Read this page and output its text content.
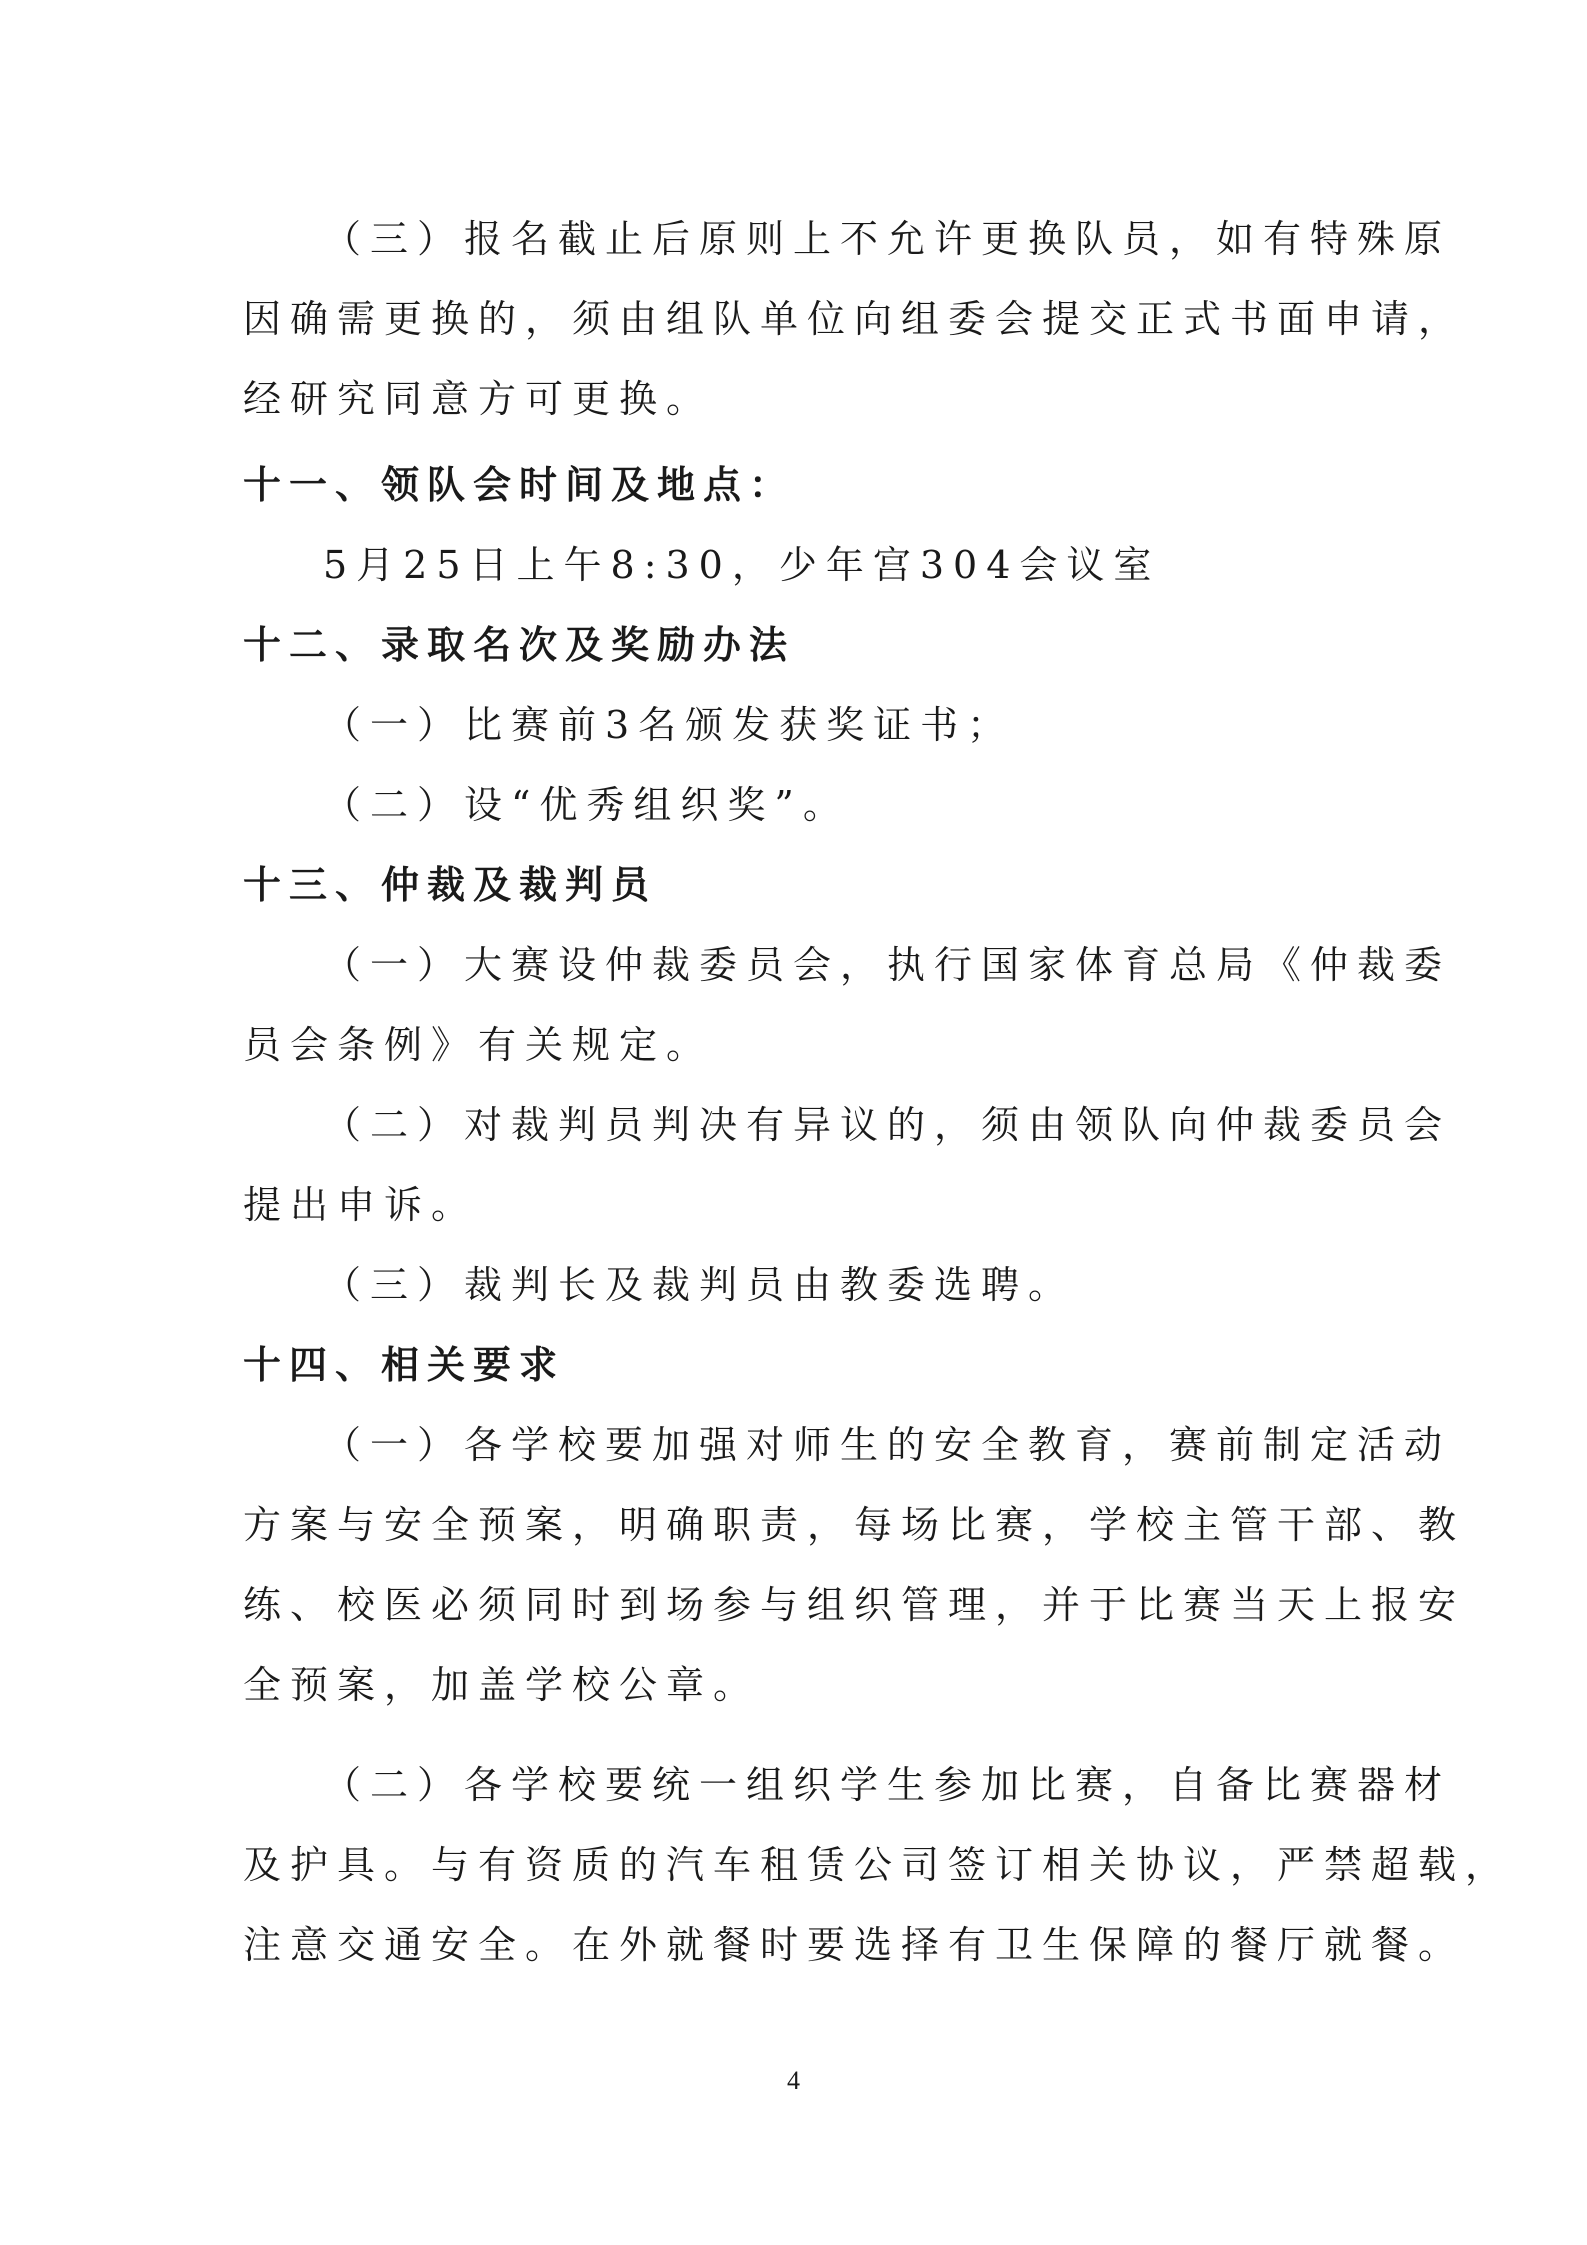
（三）报名截止后原则上不允许更换队员，如有特殊原
因确需更换的，须由组队单位向组委会提交正式书面申请，
经研究同意方可更换。
十一、领队会时间及地点：
5月25日上午8:30，少年宫304会议室
十二、录取名次及奖励办法
（一）比赛前3名颁发获奖证书；
（二）设“优秀组织奖”。
十三、仲裁及裁判员
（一）大赛设仲裁委员会，执行国家体育总局《仲裁委
员会条例》有关规定。
（二）对裁判员判决有异议的，须由领队向仲裁委员会
提出申诉。
（三）裁判长及裁判员由教委选聘。
十四、相关要求
（一）各学校要加强对师生的安全教育，赛前制定活动
方案与安全预案，明确职责，每场比赛，学校主管干部、教
练、校医必须同时到场参与组织管理，并于比赛当天上报安
全预案，加盖学校公章。
（二）各学校要统一组织学生参加比赛，自备比赛器材
及护具。与有资质的汽车租赁公司签订相关协议，严禁超载，
注意交通安全。在外就餐时要选择有卫生保障的餐厅就餐。
4
